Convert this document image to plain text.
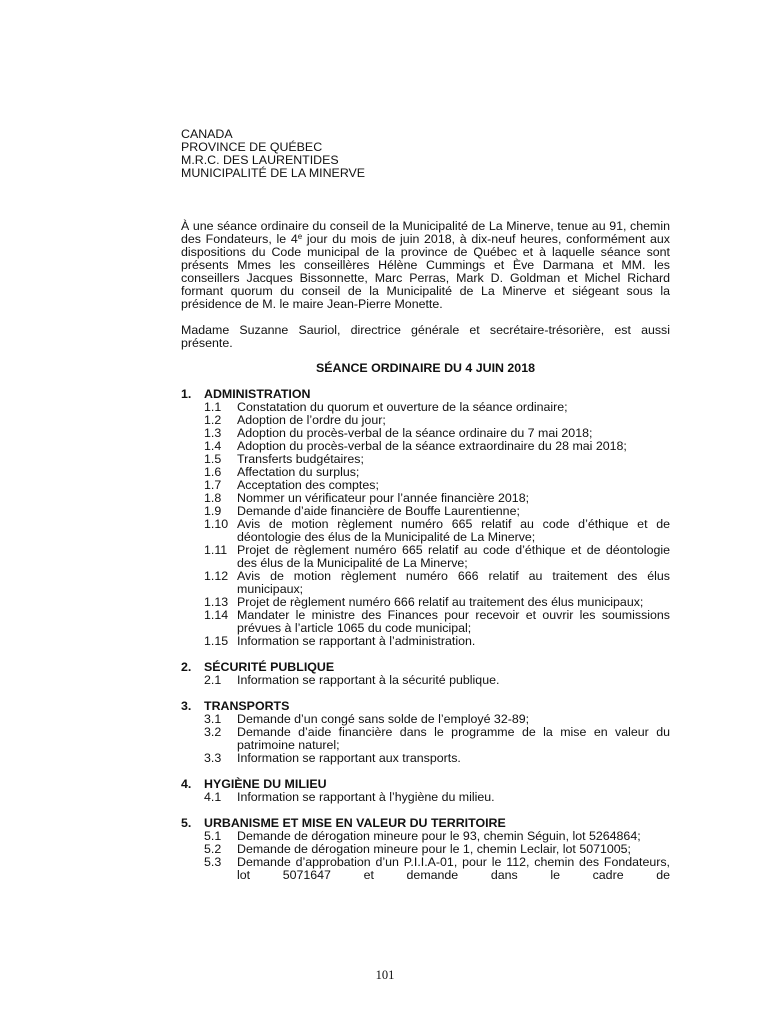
CANADA
PROVINCE DE QUÉBEC
M.R.C. DES LAURENTIDES
MUNICIPALITÉ DE LA MINERVE

À une séance ordinaire du conseil de la Municipalité de La Minerve, tenue au 91, chemin des Fondateurs, le 4e jour du mois de juin 2018, à dix-neuf heures, conformément aux dispositions du Code municipal de la province de Québec et à laquelle séance sont présents Mmes les conseillères Hélène Cummings et Ève Darmana et MM. les conseillers Jacques Bissonnette, Marc Perras, Mark D. Goldman et Michel Richard formant quorum du conseil de la Municipalité de La Minerve et siégeant sous la présidence de M. le maire Jean-Pierre Monette.

Madame Suzanne Sauriol, directrice générale et secrétaire-trésorière, est aussi présente.

SÉANCE ORDINAIRE DU 4 JUIN 2018
1.	ADMINISTRATION
1.1	Constatation du quorum et ouverture de la séance ordinaire;
1.2	Adoption de l’ordre du jour;
1.3	Adoption du procès-verbal de la séance ordinaire du 7 mai 2018;
1.4	Adoption du procès-verbal de la séance extraordinaire du 28 mai 2018;
1.5	Transferts budgétaires;
1.6	Affectation du surplus;
1.7	Acceptation des comptes;
1.8	Nommer un vérificateur pour l’année financière 2018;
1.9	Demande d’aide financière de Bouffe Laurentienne;
1.10 Avis de motion règlement numéro 665 relatif au code d’éthique et de déontologie des élus de la Municipalité de La Minerve;
1.11 Projet de règlement numéro 665 relatif au code d’éthique et de déontologie des élus de la Municipalité de La Minerve;
1.12 Avis de motion règlement numéro 666 relatif au traitement des élus municipaux;
1.13 Projet de règlement numéro 666 relatif au traitement des élus municipaux;
1.14 Mandater le ministre des Finances pour recevoir et ouvrir les soumissions prévues à l’article 1065 du code municipal;
1.15 Information se rapportant à l’administration.
2.	SÉCURITÉ PUBLIQUE
2.1	Information se rapportant à la sécurité publique.
3.	TRANSPORTS
3.1	Demande d’un congé sans solde de l’employé 32-89;
3.2	Demande d’aide financière dans le programme de la mise en valeur du patrimoine naturel;
3.3	Information se rapportant aux transports.
4.	HYGIÈNE DU MILIEU
4.1	Information se rapportant à l’hygiène du milieu.
5.	URBANISME ET MISE EN VALEUR DU TERRITOIRE
5.1	Demande de dérogation mineure pour le 93, chemin Séguin, lot 5264864;
5.2	Demande de dérogation mineure pour le 1, chemin Leclair, lot 5071005;
5.3	Demande d’approbation d’un P.I.I.A-01, pour le 112, chemin des Fondateurs, lot 5071647 et demande dans le cadre de
101
